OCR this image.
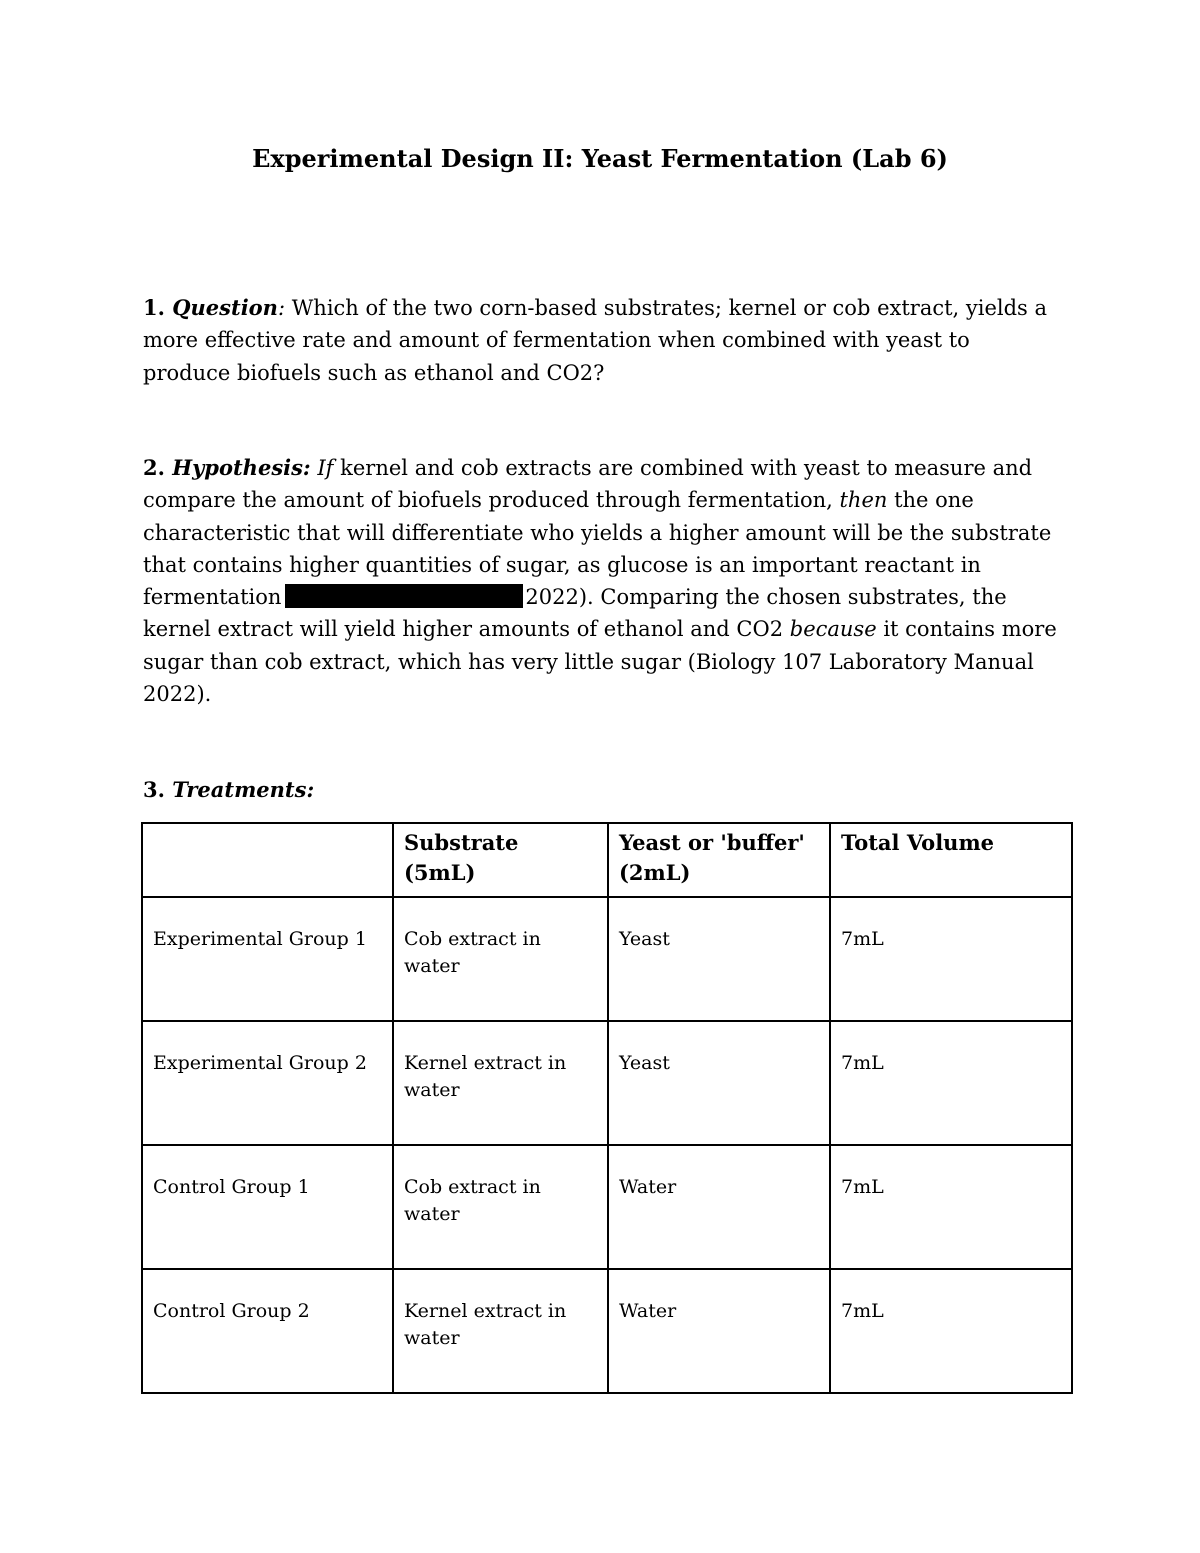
Experimental Design II: Yeast Fermentation (Lab 6)

1. Question: Which of the two corn-based substrates; kernel or cob extract, yields a more effective rate and amount of fermentation when combined with yeast to produce biofuels such as ethanol and CO2?

2. Hypothesis: If kernel and cob extracts are combined with yeast to measure and compare the amount of biofuels produced through fermentation, then the one characteristic that will differentiate who yields a higher amount will be the substrate that contains higher quantities of sugar, as glucose is an important reactant in fermentation	2022). Comparing the chosen substrates, the kernel extract will yield higher amounts of ethanol and CO2 because it contains more sugar than cob extract, which has very little sugar (Biology 107 Laboratory Manual 2022).

3. Treatments:

	Substrate (5mL)	Yeast or 'buffer' (2mL)	Total Volume
Experimental Group 1	Cob extract in water	Yeast	7mL
Experimental Group 2	Kernel extract in water	Yeast	7mL
Control Group 1	Cob extract in water	Water	7mL
Control Group 2	Kernel extract in water	Water	7mL
